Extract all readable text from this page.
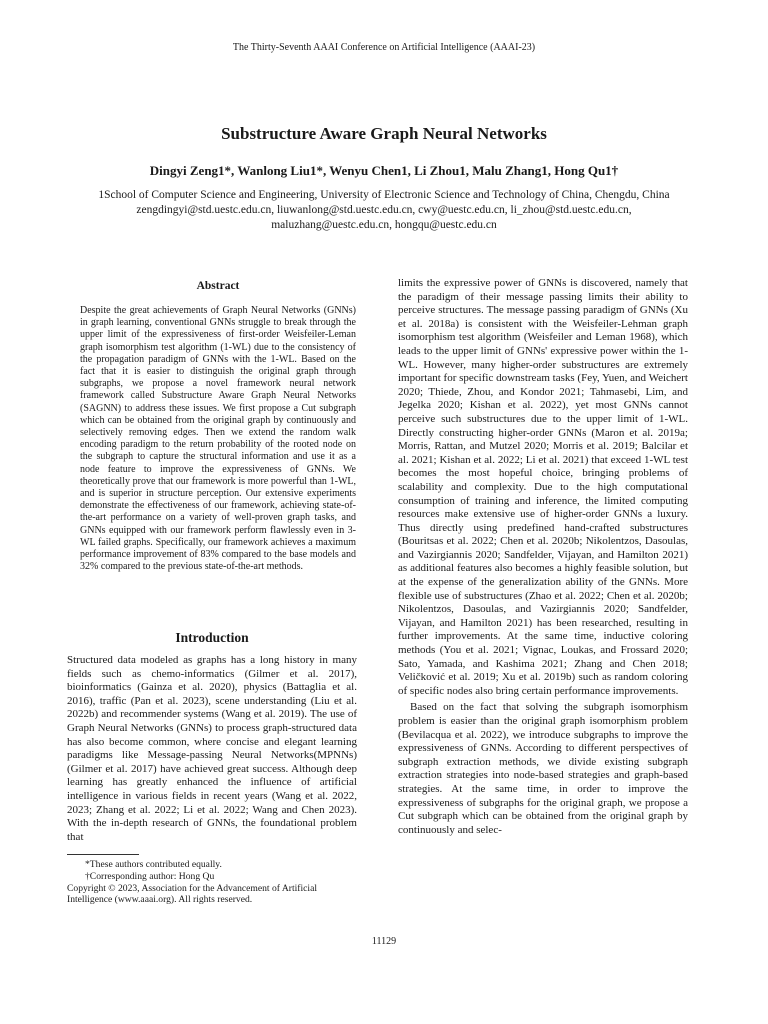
The Thirty-Seventh AAAI Conference on Artificial Intelligence (AAAI-23)
Substructure Aware Graph Neural Networks
Dingyi Zeng1*, Wanlong Liu1*, Wenyu Chen1, Li Zhou1, Malu Zhang1, Hong Qu1†
1School of Computer Science and Engineering, University of Electronic Science and Technology of China, Chengdu, China
zengdingyi@std.uestc.edu.cn, liuwanlong@std.uestc.edu.cn, cwy@uestc.edu.cn, li_zhou@std.uestc.edu.cn,
maluzhang@uestc.edu.cn, hongqu@uestc.edu.cn
Abstract
Despite the great achievements of Graph Neural Networks (GNNs) in graph learning, conventional GNNs struggle to break through the upper limit of the expressiveness of first-order Weisfeiler-Leman graph isomorphism test algorithm (1-WL) due to the consistency of the propagation paradigm of GNNs with the 1-WL. Based on the fact that it is easier to distinguish the original graph through subgraphs, we propose a novel framework neural network framework called Substructure Aware Graph Neural Networks (SAGNN) to address these issues. We first propose a Cut subgraph which can be obtained from the original graph by continuously and selectively removing edges. Then we extend the random walk encoding paradigm to the return probability of the rooted node on the subgraph to capture the structural information and use it as a node feature to improve the expressiveness of GNNs. We theoretically prove that our framework is more powerful than 1-WL, and is superior in structure perception. Our extensive experiments demonstrate the effectiveness of our framework, achieving state-of-the-art performance on a variety of well-proven graph tasks, and GNNs equipped with our framework perform flawlessly even in 3-WL failed graphs. Specifically, our framework achieves a maximum performance improvement of 83% compared to the base models and 32% compared to the previous state-of-the-art methods.
Introduction

Structured data modeled as graphs has a long history in many fields such as chemo-informatics (Gilmer et al. 2017), bioinformatics (Gainza et al. 2020), physics (Battaglia et al. 2016), traffic (Pan et al. 2023), scene understanding (Liu et al. 2022b) and recommender systems (Wang et al. 2019). The use of Graph Neural Networks (GNNs) to process graph-structured data has also become common, where concise and elegant learning paradigms like Message-passing Neural Networks(MPNNs) (Gilmer et al. 2017) have achieved great success. Although deep learning has greatly enhanced the influence of artificial intelligence in various fields in recent years (Wang et al. 2022, 2023; Zhang et al. 2022; Li et al. 2022; Wang and Chen 2023). With the in-depth research of GNNs, the foundational problem that

limits the expressive power of GNNs is discovered, namely that the paradigm of their message passing limits their ability to perceive structures. The message passing paradigm of GNNs (Xu et al. 2018a) is consistent with the Weisfeiler-Lehman graph isomorphism test algorithm (Weisfeiler and Leman 1968), which leads to the upper limit of GNNs' expressive power within the 1-WL. However, many higher-order substructures are extremely important for specific downstream tasks (Fey, Yuen, and Weichert 2020; Thiede, Zhou, and Kondor 2021; Tahmasebi, Lim, and Jegelka 2020; Kishan et al. 2022), yet most GNNs cannot perceive such substructures due to the upper limit of 1-WL. Directly constructing higher-order GNNs (Maron et al. 2019a; Morris, Rattan, and Mutzel 2020; Morris et al. 2019; Balcilar et al. 2021; Kishan et al. 2022; Li et al. 2021) that exceed 1-WL test becomes the most hopeful choice, bringing problems of scalability and complexity. Due to the high computational consumption of training and inference, the limited computing resources make extensive use of higher-order GNNs a luxury. Thus directly using predefined hand-crafted substructures (Bouritsas et al. 2022; Chen et al. 2020b; Nikolentzos, Dasoulas, and Vazirgiannis 2020; Sandfelder, Vijayan, and Hamilton 2021) as additional features also becomes a highly feasible solution, but at the expense of the generalization ability of the GNNs. More flexible use of substructures (Zhao et al. 2022; Chen et al. 2020b; Nikolentzos, Dasoulas, and Vazirgiannis 2020; Sandfelder, Vijayan, and Hamilton 2021) has been researched, resulting in further improvements. At the same time, inductive coloring methods (You et al. 2021; Vignac, Loukas, and Frossard 2020; Sato, Yamada, and Kashima 2021; Zhang and Chen 2018; Veličković et al. 2019; Xu et al. 2019b) such as random coloring of specific nodes also bring certain performance improvements.

Based on the fact that solving the subgraph isomorphism problem is easier than the original graph isomorphism problem (Bevilacqua et al. 2022), we introduce subgraphs to improve the expressiveness of GNNs. According to different perspectives of subgraph extraction methods, we divide existing subgraph extraction strategies into node-based strategies and graph-based strategies. At the same time, in order to improve the expressiveness of subgraphs for the original graph, we propose a Cut subgraph which can be obtained from the original graph by continuously and selec-

*These authors contributed equally.
†Corresponding author: Hong Qu
Copyright © 2023, Association for the Advancement of Artificial Intelligence (www.aaai.org). All rights reserved.
11129
